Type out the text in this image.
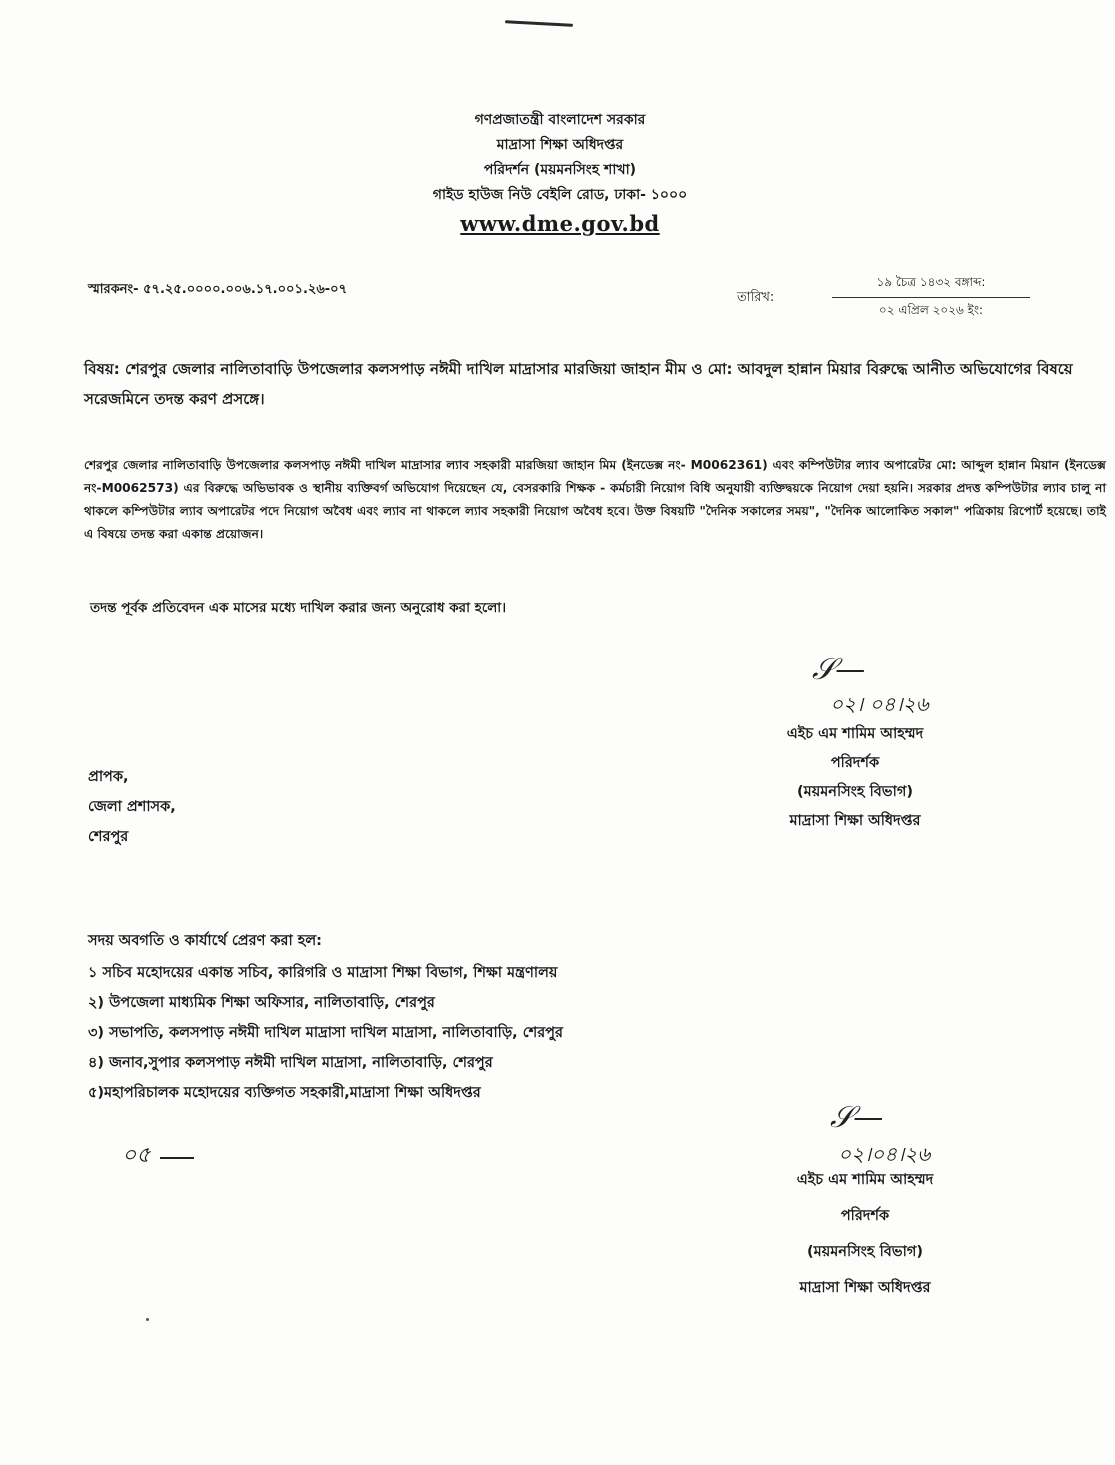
গণপ্রজাতন্ত্রী বাংলাদেশ সরকার
মাদ্রাসা শিক্ষা অধিদপ্তর
পরিদর্শন (ময়মনসিংহ শাখা)
গাইড হাউজ নিউ বেইলি রোড, ঢাকা- ১০০০
www.dme.gov.bd
স্মারকনং- ৫৭.২৫.০০০০.০০৬.১৭.০০১.২৬-০৭
তারিখ:
১৯ চৈত্র ১৪৩২ বঙ্গাব্দ:
০২ এপ্রিল ২০২৬ ইং:
বিষয়: শেরপুর জেলার নালিতাবাড়ি উপজেলার কলসপাড় নঈমী দাখিল মাদ্রাসার মারজিয়া জাহান মীম ও মো: আবদুল হান্নান মিয়ার বিরুদ্ধে আনীত অভিযোগের বিষয়ে সরেজমিনে তদন্ত করণ প্রসঙ্গে।
শেরপুর জেলার নালিতাবাড়ি উপজেলার কলসপাড় নঈমী দাখিল মাদ্রাসার ল্যাব সহকারী মারজিয়া জাহান মিম (ইনডেক্স নং- M0062361) এবং কম্পিউটার ল্যাব অপারেটর মো: আব্দুল হান্নান মিয়ান (ইনডেক্স নং-M0062573) এর বিরুদ্ধে অভিভাবক ও স্থানীয় ব্যক্তিবর্গ অভিযোগ দিয়েছেন যে, বেসরকারি শিক্ষক - কর্মচারী নিয়োগ বিধি অনুযায়ী ব্যক্তিদ্বয়কে নিয়োগ দেয়া হয়নি। সরকার প্রদত্ত কম্পিউটার ল্যাব চালু না থাকলে কম্পিউটার ল্যাব অপারেটর পদে নিয়োগ অবৈধ এবং ল্যাব না থাকলে ল্যাব সহকারী নিয়োগ অবৈধ হবে। উক্ত বিষয়টি "দৈনিক সকালের সময়", "দৈনিক আলোকিত সকাল" পত্রিকায় রিপোর্ট হয়েছে। তাই এ বিষয়ে তদন্ত করা একান্ত প্রয়োজন।
তদন্ত পূর্বক প্রতিবেদন এক মাসের মধ্যে দাখিল করার জন্য অনুরোধ করা হলো।
𝒮—
০২। ০৪।২৬
এইচ এম শামিম আহম্মদ
পরিদর্শক
(ময়মনসিংহ বিভাগ)
মাদ্রাসা শিক্ষা অধিদপ্তর
প্রাপক,
জেলা প্রশাসক,
শেরপুর
সদয় অবগতি ও কার্যার্থে প্রেরণ করা হল:
১ সচিব মহোদয়ের একান্ত সচিব, কারিগরি ও মাদ্রাসা শিক্ষা বিভাগ, শিক্ষা মন্ত্রণালয়
২) উপজেলা মাধ্যমিক শিক্ষা অফিসার, নালিতাবাড়ি, শেরপুর
৩) সভাপতি, কলসপাড় নঈমী দাখিল মাদ্রাসা দাখিল মাদ্রাসা, নালিতাবাড়ি, শেরপুর
৪) জনাব,সুপার কলসপাড় নঈমী দাখিল মাদ্রাসা, নালিতাবাড়ি, শেরপুর
৫)মহাপরিচালক মহোদয়ের ব্যক্তিগত সহকারী,মাদ্রাসা শিক্ষা অধিদপ্তর
০৫
𝒮—
০২।০৪।২৬
এইচ এম শামিম আহম্মদ
পরিদর্শক
(ময়মনসিংহ বিভাগ)
মাদ্রাসা শিক্ষা অধিদপ্তর
